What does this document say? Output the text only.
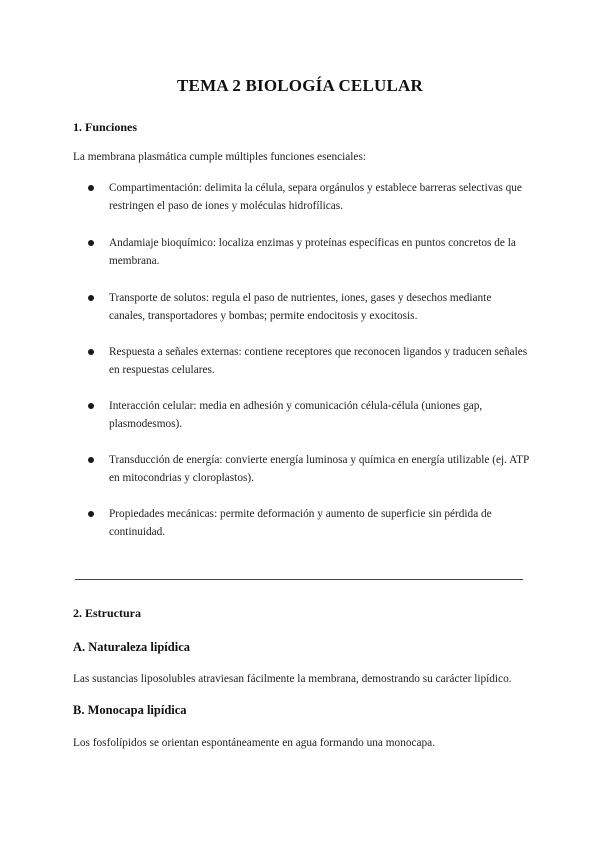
TEMA 2 BIOLOGÍA CELULAR
1. Funciones
La membrana plasmática cumple múltiples funciones esenciales:
Compartimentación: delimita la célula, separa orgánulos y establece barreras selectivas que restringen el paso de iones y moléculas hidrofílicas.
Andamiaje bioquímico: localiza enzimas y proteínas específicas en puntos concretos de la membrana.
Transporte de solutos: regula el paso de nutrientes, iones, gases y desechos mediante canales, transportadores y bombas; permite endocitosis y exocitosis.
Respuesta a señales externas: contiene receptores que reconocen ligandos y traducen señales en respuestas celulares.
Interacción celular: media en adhesión y comunicación célula-célula (uniones gap, plasmodesmos).
Transducción de energía: convierte energía luminosa y química en energía utilizable (ej. ATP en mitocondrias y cloroplastos).
Propiedades mecánicas: permite deformación y aumento de superficie sin pérdida de continuidad.
2. Estructura
A. Naturaleza lipídica
Las sustancias liposolubles atraviesan fácilmente la membrana, demostrando su carácter lipídico.
B. Monocapa lipídica
Los fosfolípidos se orientan espontáneamente en agua formando una monocapa.
